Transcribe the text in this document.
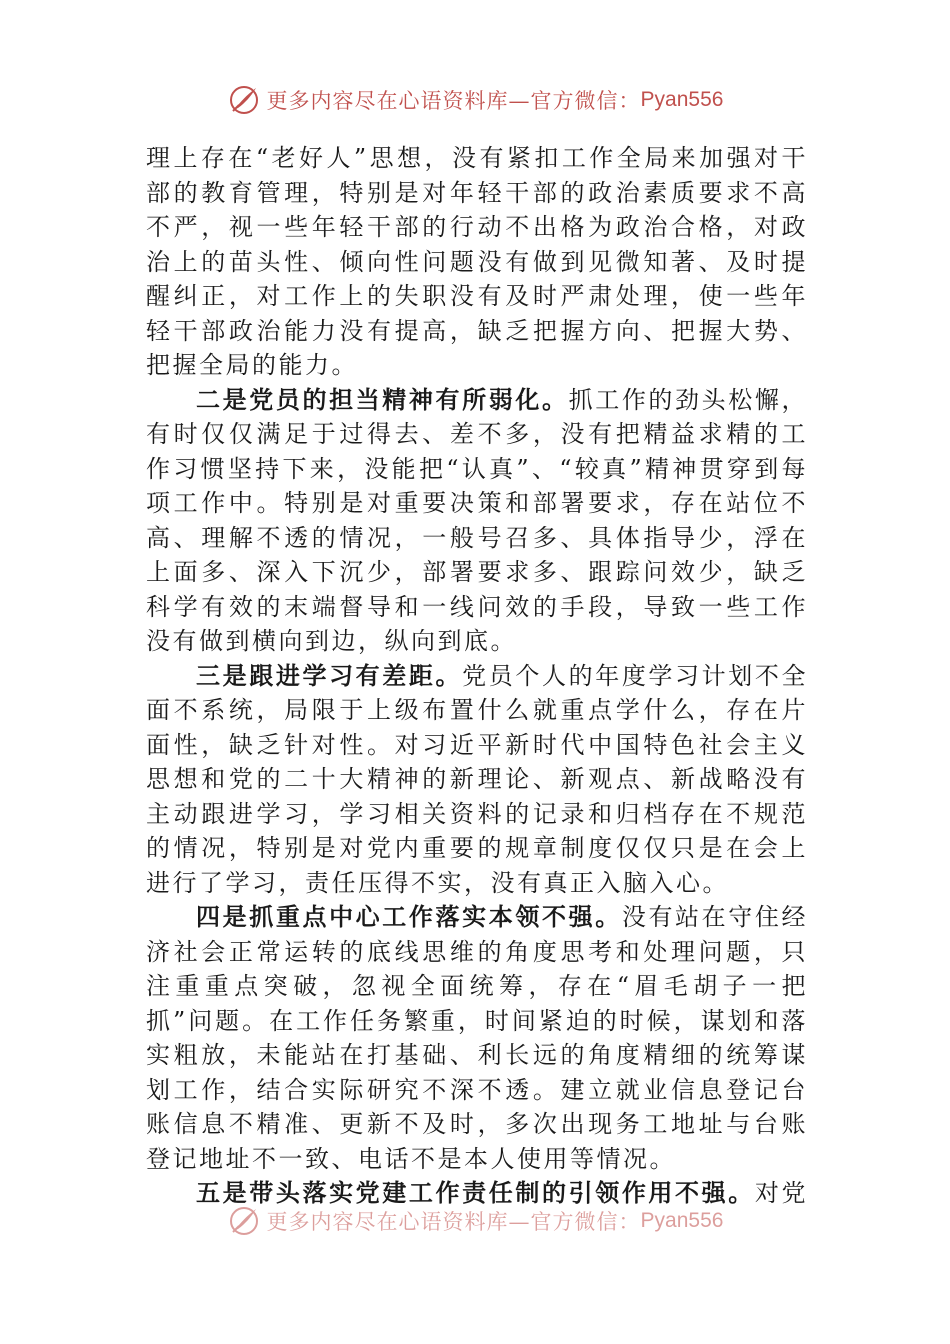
更多内容尽在心语资料库—官方微信： Pyan556

理上存在“老好人”思想，没有紧扣工作全局来加强对干部的教育管理，特别是对年轻干部的政治素质要求不高不严，视一些年轻干部的行动不出格为政治合格，对政治上的苗头性、倾向性问题没有做到见微知著、及时提醒纠正，对工作上的失职没有及时严肃处理，使一些年轻干部政治能力没有提高，缺乏把握方向、把握大势、把握全局的能力。

二是党员的担当精神有所弱化。抓工作的劲头松懈，有时仅仅满足于过得去、差不多，没有把精益求精的工作习惯坚持下来，没能把“认真”、“较真”精神贯穿到每项工作中。特别是对重要决策和部署要求，存在站位不高、理解不透的情况，一般号召多、具体指导少，浮在上面多、深入下沉少，部署要求多、跟踪问效少，缺乏科学有效的末端督导和一线问效的手段，导致一些工作没有做到横向到边，纵向到底。

三是跟进学习有差距。党员个人的年度学习计划不全面不系统，局限于上级布置什么就重点学什么，存在片面性，缺乏针对性。对习近平新时代中国特色社会主义思想和党的二十大精神的新理论、新观点、新战略没有主动跟进学习，学习相关资料的记录和归档存在不规范的情况，特别是对党内重要的规章制度仅仅只是在会上进行了学习，责任压得不实，没有真正入脑入心。

四是抓重点中心工作落实本领不强。没有站在守住经济社会正常运转的底线思维的角度思考和处理问题，只注重重点突破，忽视全面统筹，存在“眉毛胡子一把抓”问题。在工作任务繁重，时间紧迫的时候，谋划和落实粗放，未能站在打基础、利长远的角度精细的统筹谋划工作，结合实际研究不深不透。建立就业信息登记台账信息不精准、更新不及时，多次出现务工地址与台账登记地址不一致、电话不是本人使用等情况。

五是带头落实党建工作责任制的引领作用不强。对党

更多内容尽在心语资料库—官方微信： Pyan556
